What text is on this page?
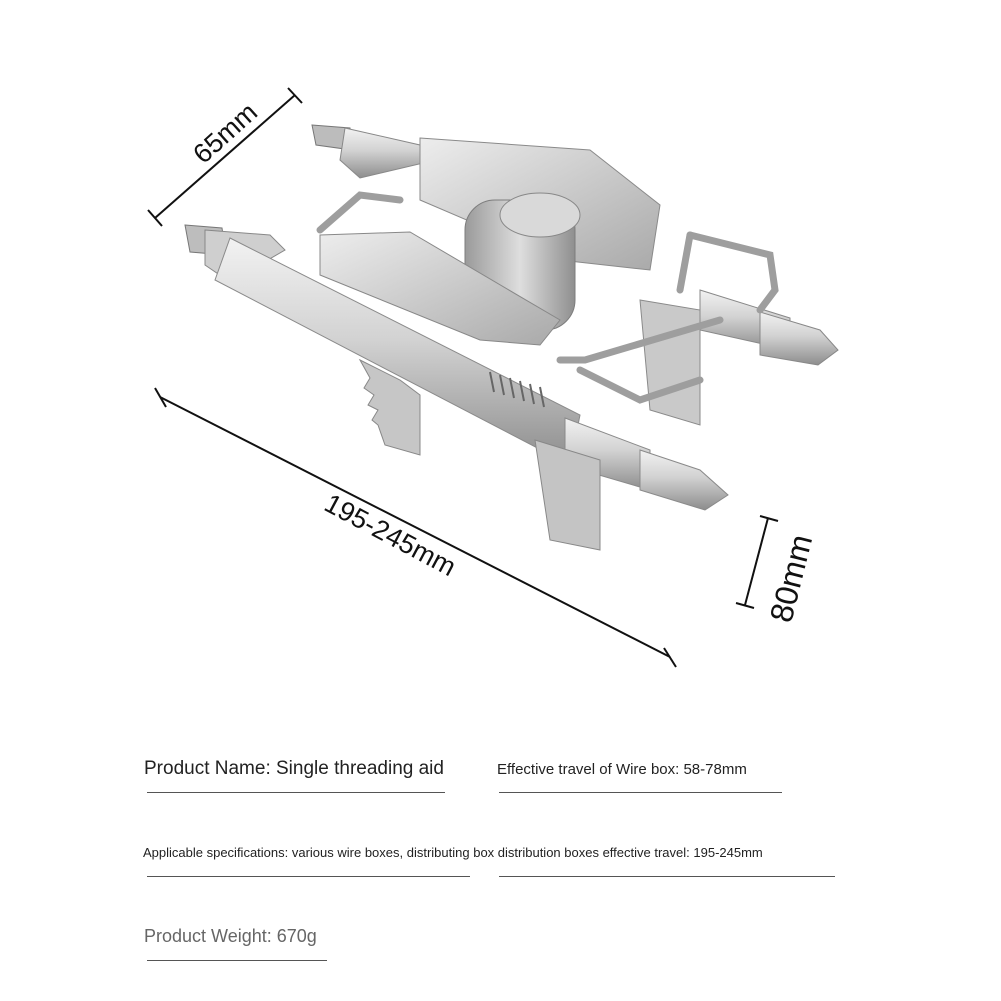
65mm
195-245mm	80mm
Product Name: Single threading aid	Effective travel of Wire box: 58-78mm
Applicable specifications: various wire boxes, distributing box distribution boxes effective travel: 195-245mm
Product Weight: 670g
